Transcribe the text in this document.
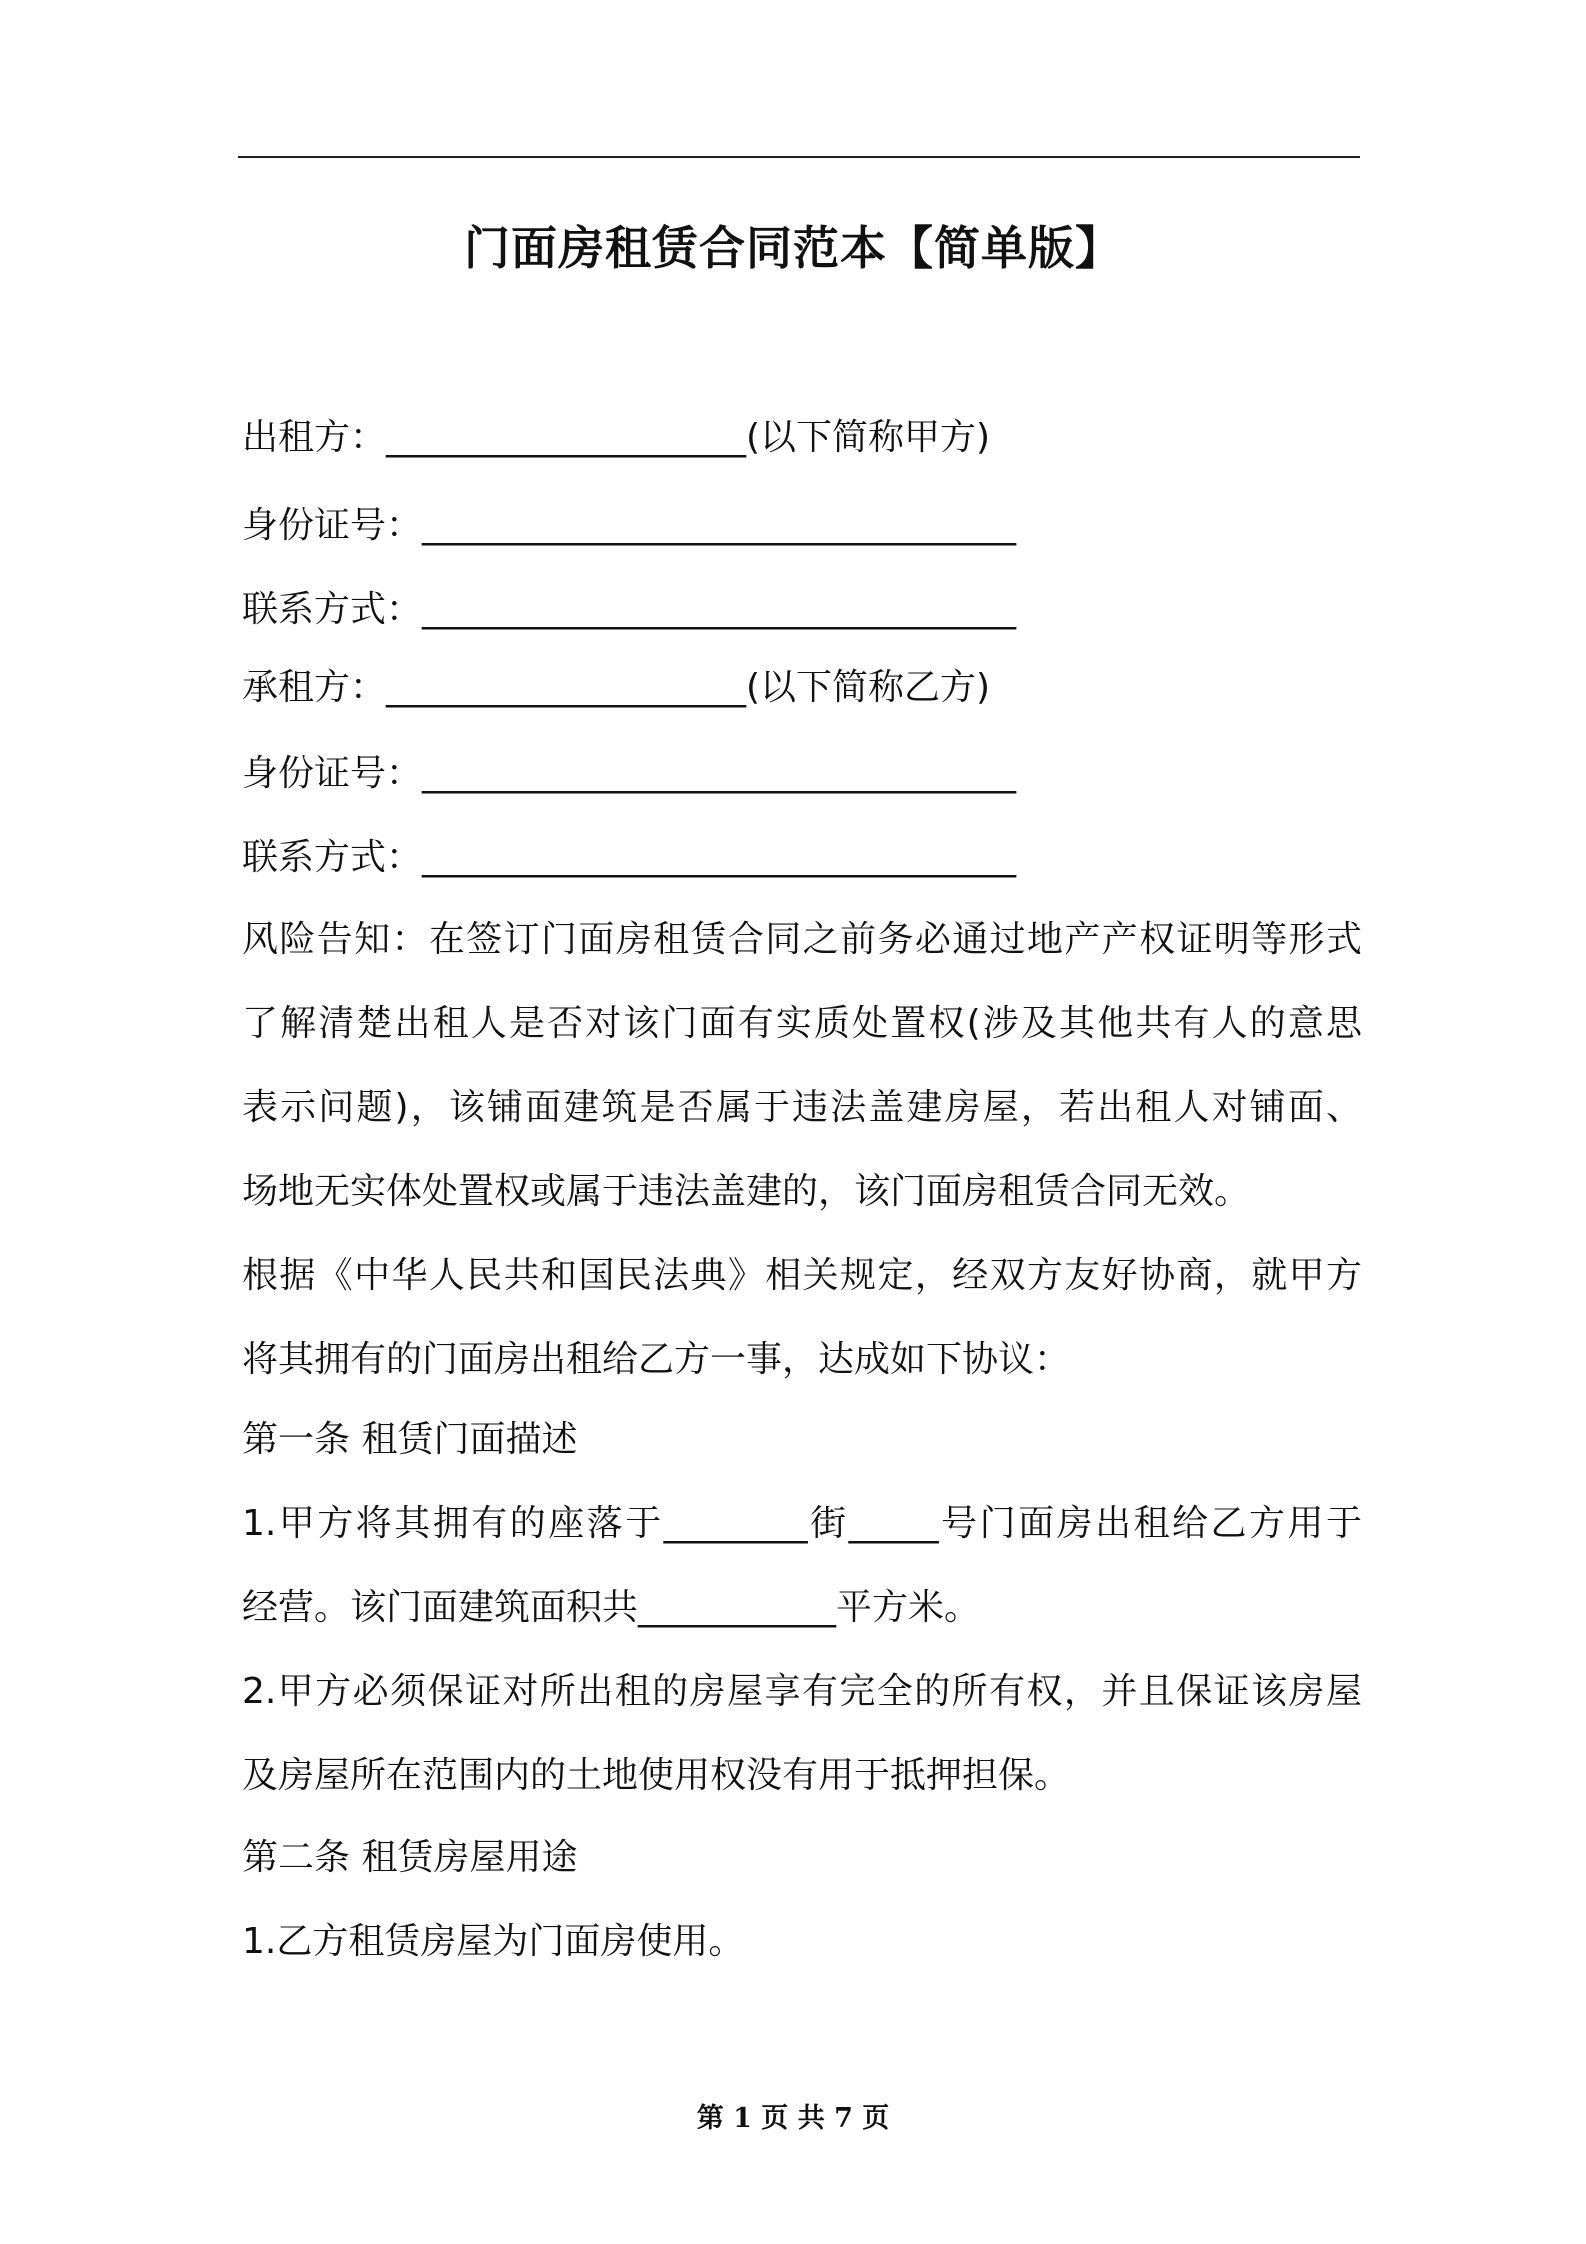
门面房租赁合同范本【简单版】
出租方：____________________(以下简称甲方)
身份证号：_________________________________
联系方式：_________________________________
承租方：____________________(以下简称乙方)
身份证号：_________________________________
联系方式：_________________________________
风险告知：在签订门面房租赁合同之前务必通过地产产权证明等形式
了解清楚出租人是否对该门面有实质处置权(涉及其他共有人的意思
表示问题)，该铺面建筑是否属于违法盖建房屋，若出租人对铺面、
场地无实体处置权或属于违法盖建的，该门面房租赁合同无效。
根据《中华人民共和国民法典》相关规定，经双方友好协商，就甲方
将其拥有的门面房出租给乙方一事，达成如下协议：
第一条 租赁门面描述
1.甲方将其拥有的座落于________街_____号门面房出租给乙方用于
经营。该门面建筑面积共___________平方米。
2.甲方必须保证对所出租的房屋享有完全的所有权，并且保证该房屋
及房屋所在范围内的土地使用权没有用于抵押担保。
第二条 租赁房屋用途
1.乙方租赁房屋为门面房使用。
第 1 页 共 7 页
